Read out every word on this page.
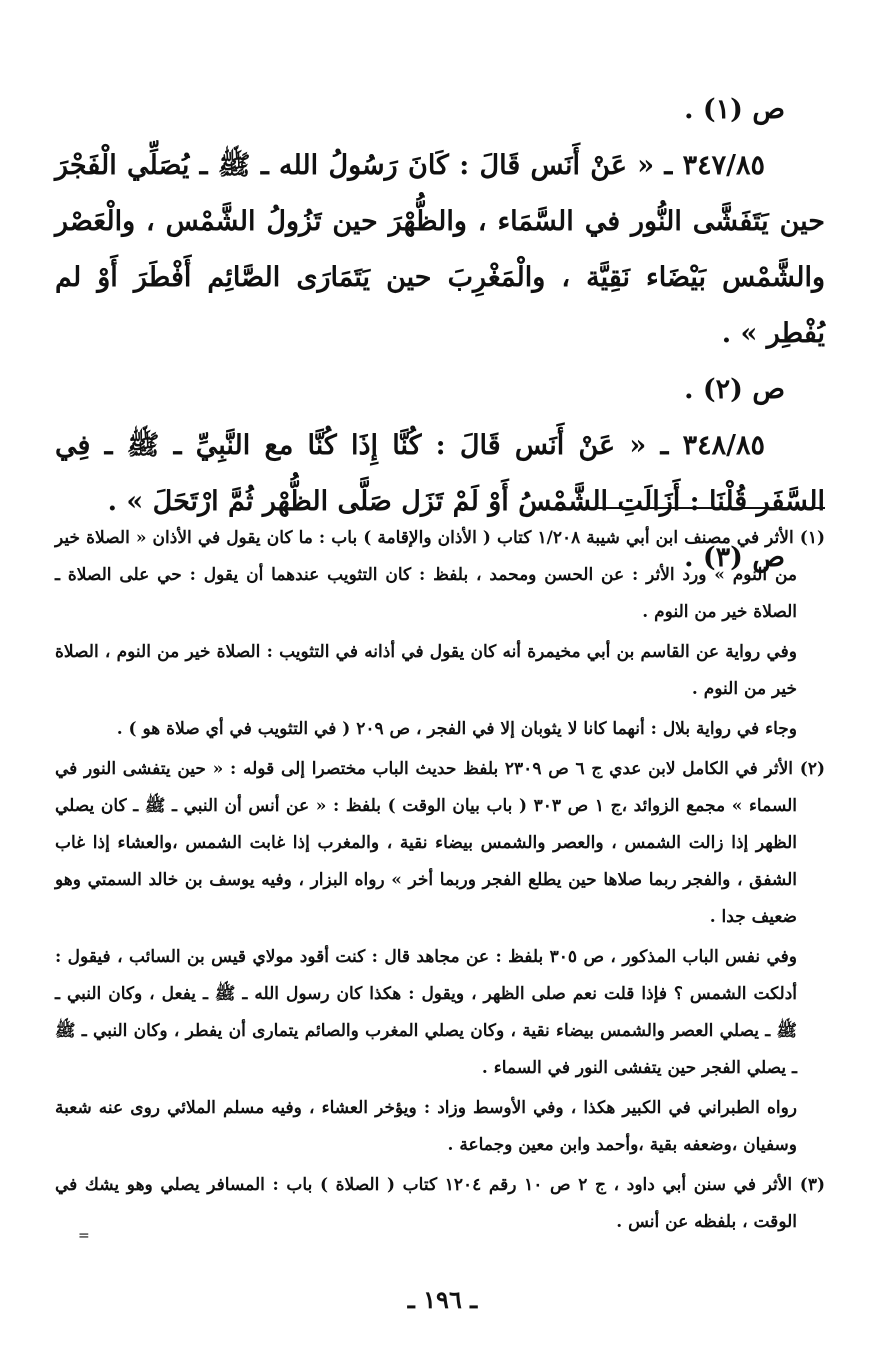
ص (١) .

٣٤٧/٨٥ ـ « عَنْ أَنَس قَالَ : كَانَ رَسُولُ الله ـ ﷺ ـ يُصَلِّي الْفَجْرَ حين يَتَفَشَّى النُّور في السَّمَاء ، والظُّهْرَ حين تَزُولُ الشَّمْس ، والْعَصْر والشَّمْس بَيْضَاء نَقِيَّة ، والْمَغْرِبَ حين يَتَمَارَى الصَّائِم أَفْطَرَ أَوْ لم يُفْطِر » .

ص (٢) .

٣٤٨/٨٥ ـ « عَنْ أَنَس قَالَ : كُنَّا إِذَا كُنَّا مع النَّبِيِّ ـ ﷺ ـ فِي السَّفَر قُلْنَا : أَزَالَتِ الشَّمْسُ أَوْ لَمْ تَزَل صَلَّى الظُّهْر ثُمَّ ارْتَحَلَ » .

ص (٣) .

(١) الأثر في مصنف ابن أبي شيبة ١/٢٠٨ كتاب ( الأذان والإقامة ) باب : ما كان يقول في الأذان « الصلاة خير من النوم » ورد الأثر : عن الحسن ومحمد ، بلفظ : كان التثويب عندهما أن يقول : حي على الصلاة ـ الصلاة خير من النوم .

وفي رواية عن القاسم بن أبي مخيمرة أنه كان يقول في أذانه في التثويب : الصلاة خير من النوم ، الصلاة خير من النوم .

وجاء في رواية بلال : أنهما كانا لا يثوبان إلا في الفجر ، ص ٢٠٩ ( في التثويب في أي صلاة هو ) .

(٢) الأثر في الكامل لابن عدي ج ٦ ص ٢٣٠٩ بلفظ حديث الباب مختصرا إلى قوله : « حين يتفشى النور في السماء » مجمع الزوائد ،ج ١ ص ٣٠٣ ( باب بيان الوقت ) بلفظ : « عن أنس أن النبي ـ ﷺ ـ كان يصلي الظهر إذا زالت الشمس ، والعصر والشمس بيضاء نقية ، والمغرب إذا غابت الشمس ،والعشاء إذا غاب الشفق ، والفجر ربما صلاها حين يطلع الفجر وربما أخر » رواه البزار ، وفيه يوسف بن خالد السمتي وهو ضعيف جدا .

وفي نفس الباب المذكور ، ص ٣٠٥ بلفظ : عن مجاهد قال : كنت أقود مولاي قيس بن السائب ، فيقول : أدلكت الشمس ؟ فإذا قلت نعم صلى الظهر ، ويقول : هكذا كان رسول الله ـ ﷺ ـ يفعل ، وكان النبي ـ ﷺ ـ يصلي العصر والشمس بيضاء نقية ، وكان يصلي المغرب والصائم يتمارى أن يفطر ، وكان النبي ـ ﷺ ـ يصلي الفجر حين يتفشى النور في السماء .

رواه الطبراني في الكبير هكذا ، وفي الأوسط وزاد : ويؤخر العشاء ، وفيه مسلم الملائي روى عنه شعبة وسفيان ،وضعفه بقية ،وأحمد وابن معين وجماعة .

(٣) الأثر في سنن أبي داود ، ج ٢ ص ١٠ رقم ١٢٠٤ كتاب ( الصلاة ) باب : المسافر يصلي وهو يشك في الوقت ، بلفظه عن أنس .

=
ـ ١٩٦ ـ
